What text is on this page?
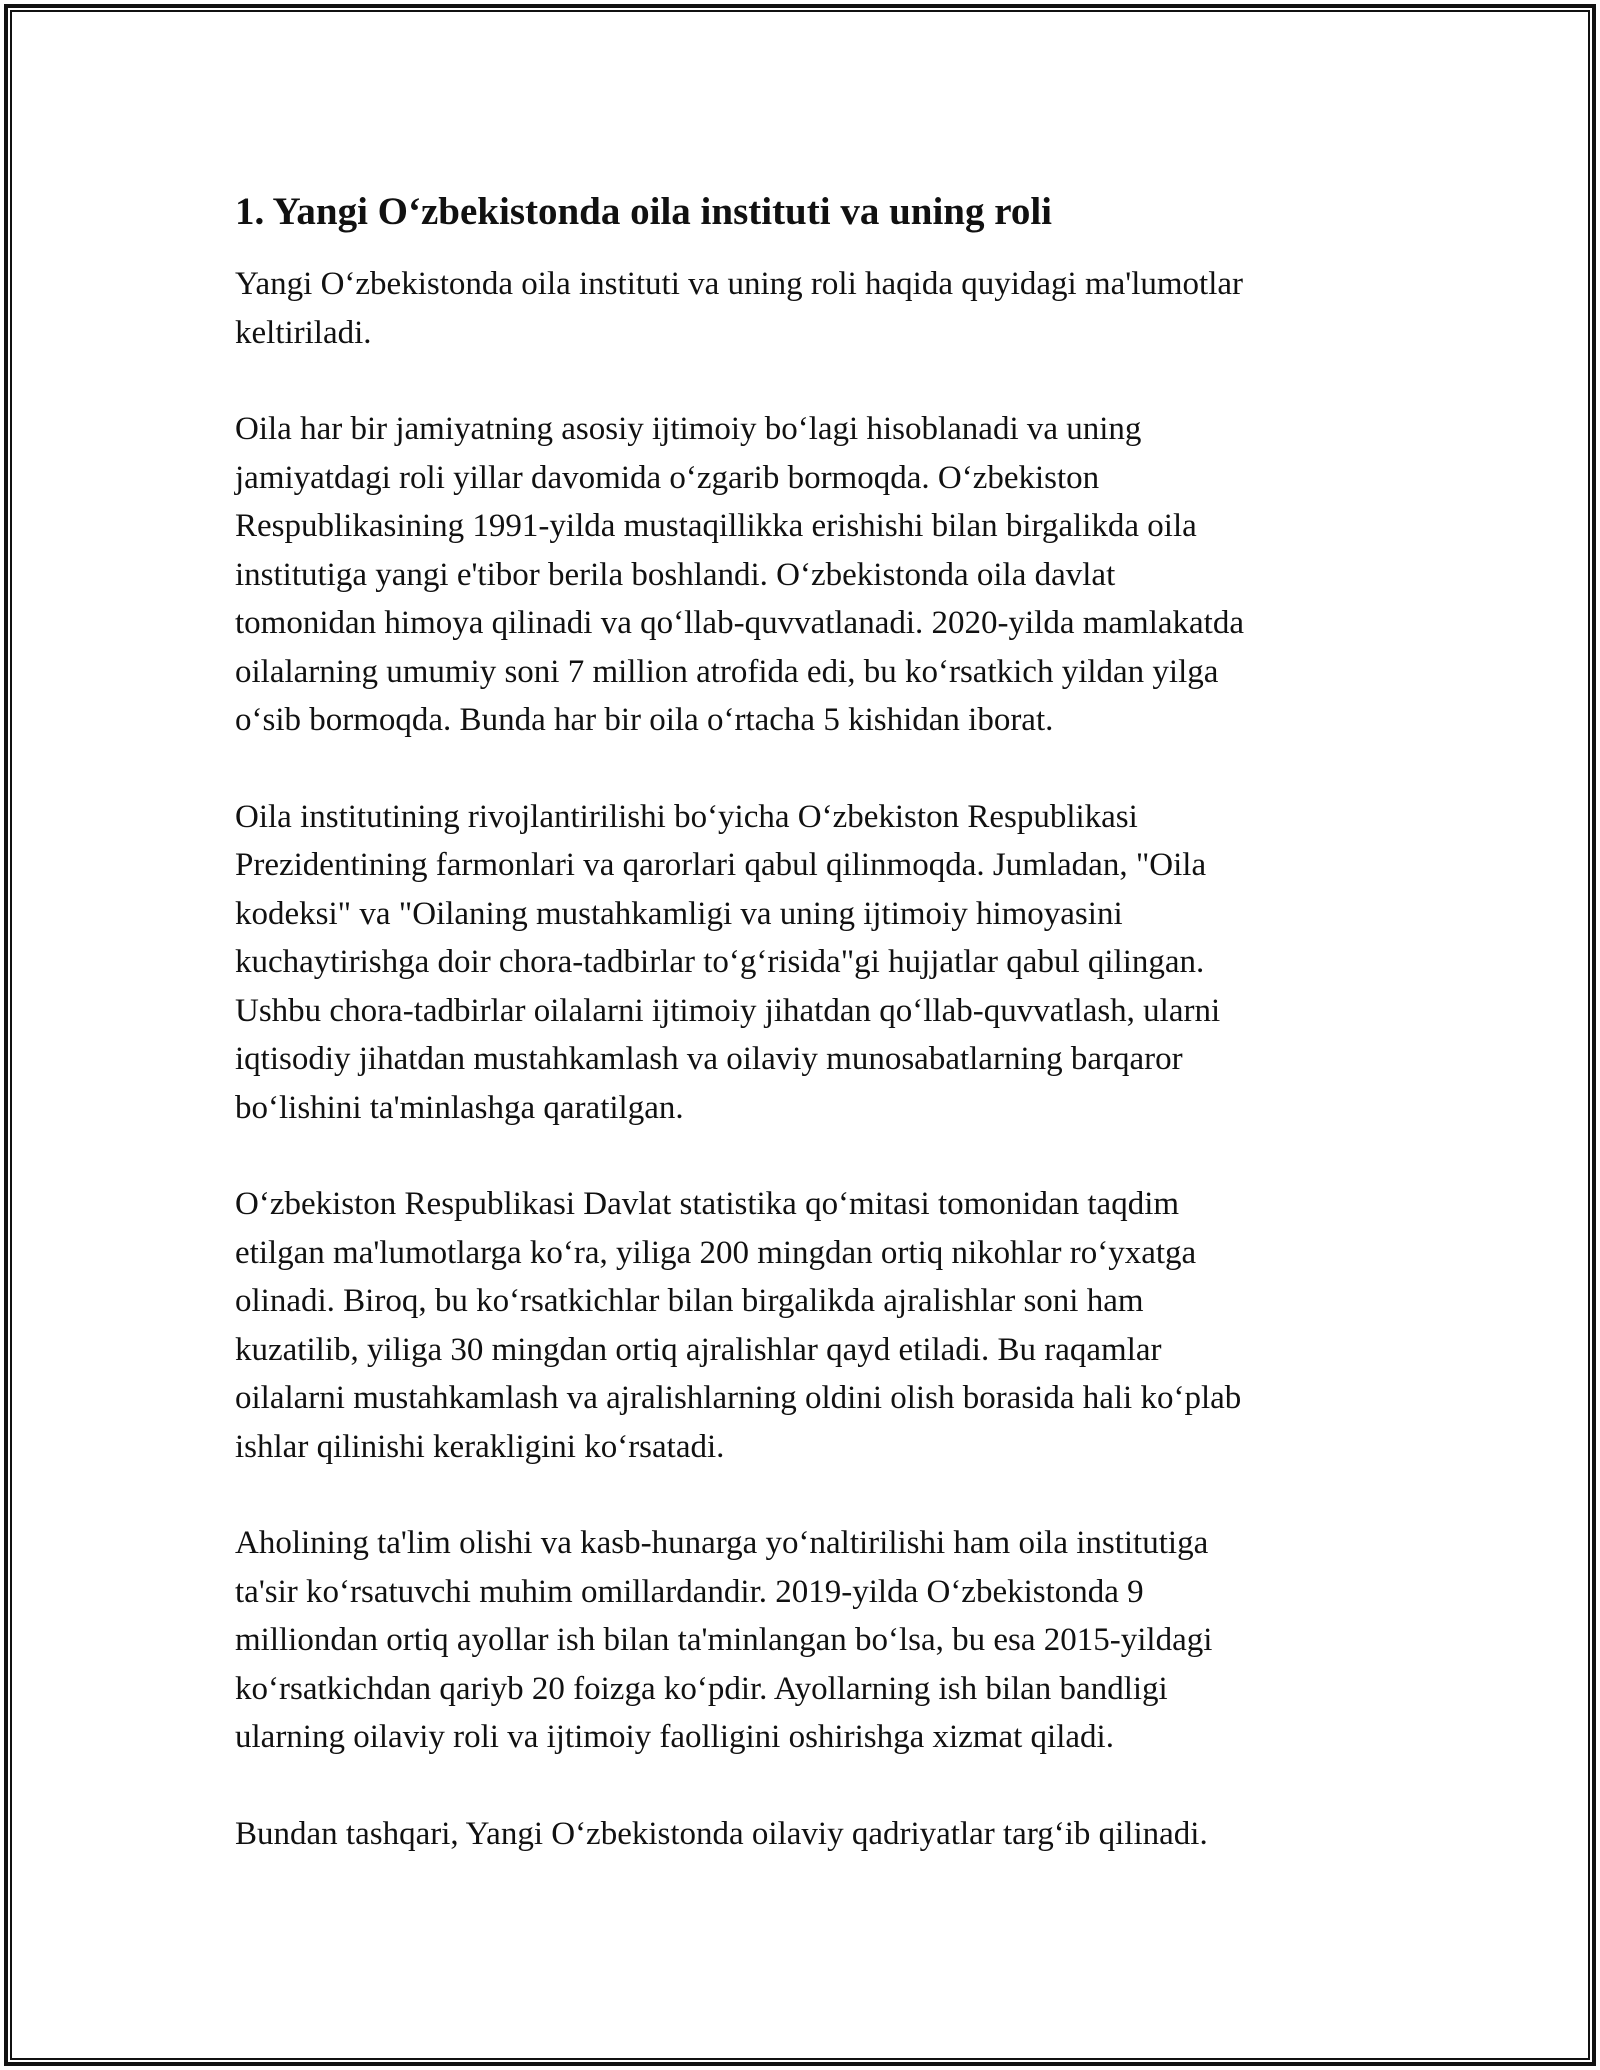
1. Yangi O‘zbekistonda oila instituti va uning roli

Yangi O‘zbekistonda oila instituti va uning roli haqida quyidagi ma'lumotlar
keltiriladi.

Oila har bir jamiyatning asosiy ijtimoiy bo‘lagi hisoblanadi va uning
jamiyatdagi roli yillar davomida o‘zgarib bormoqda. O‘zbekiston
Respublikasining 1991-yilda mustaqillikka erishishi bilan birgalikda oila
institutiga yangi e'tibor berila boshlandi. O‘zbekistonda oila davlat
tomonidan himoya qilinadi va qo‘llab-quvvatlanadi. 2020-yilda mamlakatda
oilalarning umumiy soni 7 million atrofida edi, bu ko‘rsatkich yildan yilga
o‘sib bormoqda. Bunda har bir oila o‘rtacha 5 kishidan iborat.

Oila institutining rivojlantirilishi bo‘yicha O‘zbekiston Respublikasi
Prezidentining farmonlari va qarorlari qabul qilinmoqda. Jumladan, "Oila
kodeksi" va "Oilaning mustahkamligi va uning ijtimoiy himoyasini
kuchaytirishga doir chora-tadbirlar to‘g‘risida"gi hujjatlar qabul qilingan.
Ushbu chora-tadbirlar oilalarni ijtimoiy jihatdan qo‘llab-quvvatlash, ularni
iqtisodiy jihatdan mustahkamlash va oilaviy munosabatlarning barqaror
bo‘lishini ta'minlashga qaratilgan.

O‘zbekiston Respublikasi Davlat statistika qo‘mitasi tomonidan taqdim
etilgan ma'lumotlarga ko‘ra, yiliga 200 mingdan ortiq nikohlar ro‘yxatga
olinadi. Biroq, bu ko‘rsatkichlar bilan birgalikda ajralishlar soni ham
kuzatilib, yiliga 30 mingdan ortiq ajralishlar qayd etiladi. Bu raqamlar
oilalarni mustahkamlash va ajralishlarning oldini olish borasida hali ko‘plab
ishlar qilinishi kerakligini ko‘rsatadi.

Aholining ta'lim olishi va kasb-hunarga yo‘naltirilishi ham oila institutiga
ta'sir ko‘rsatuvchi muhim omillardandir. 2019-yilda O‘zbekistonda 9
milliondan ortiq ayollar ish bilan ta'minlangan bo‘lsa, bu esa 2015-yildagi
ko‘rsatkichdan qariyb 20 foizga ko‘pdir. Ayollarning ish bilan bandligi
ularning oilaviy roli va ijtimoiy faolligini oshirishga xizmat qiladi.

Bundan tashqari, Yangi O‘zbekistonda oilaviy qadriyatlar targ‘ib qilinadi.
